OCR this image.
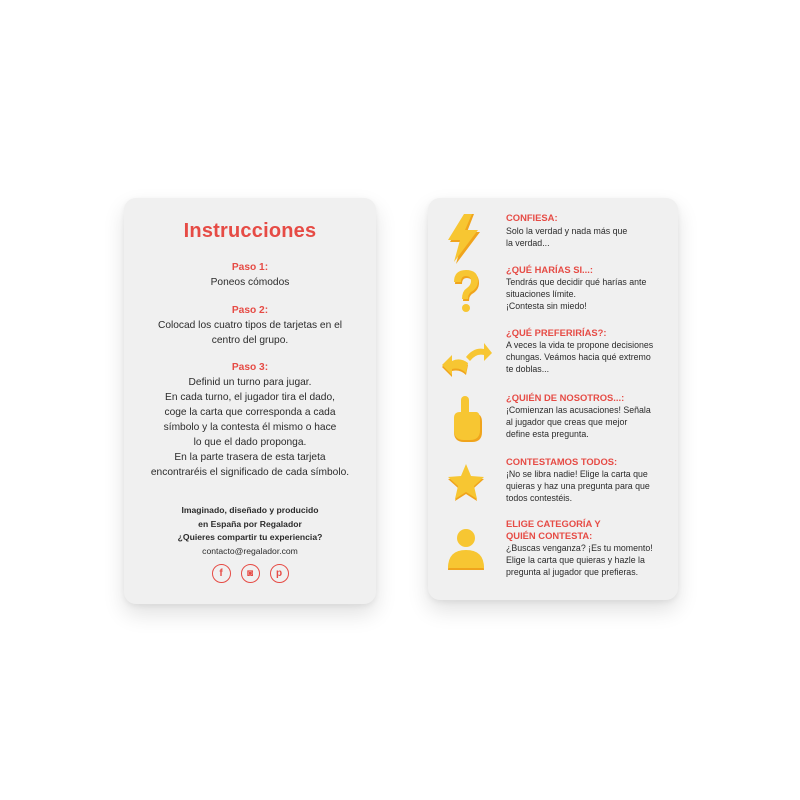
Instrucciones
Paso 1:
Poneos cómodos
Paso 2:
Colocad los cuatro tipos de tarjetas en el
centro del grupo.
Paso 3:
Definid un turno para jugar.
En cada turno, el jugador tira el dado,
coge la carta que corresponda a cada
símbolo y la contesta él mismo o hace
lo que el dado proponga.
En la parte trasera de esta tarjeta
encontraréis el significado de cada símbolo.
Imaginado, diseñado y producido
en España por Regalador
¿Quieres compartir tu experiencia?
contacto@regalador.com
f	◙	p
CONFIESA:
Solo la verdad y nada más que
la verdad...
¿QUÉ HARÍAS SI...:
Tendrás que decidir qué harías ante
situaciones límite.
¡Contesta sin miedo!
¿QUÉ PREFERIRÍAS?:
A veces la vida te propone decisiones
chungas. Veámos hacia qué extremo
te doblas...
¿QUIÉN DE NOSOTROS...:
¡Comienzan las acusaciones! Señala
al jugador que creas que mejor
define esta pregunta.
CONTESTAMOS TODOS:
¡No se libra nadie! Elige la carta que
quieras y haz una pregunta para que
todos contestéis.
ELIGE CATEGORÍA Y
QUIÉN CONTESTA:
¿Buscas venganza? ¡Es tu momento!
Elige la carta que quieras y hazle la
pregunta al jugador que prefieras.
